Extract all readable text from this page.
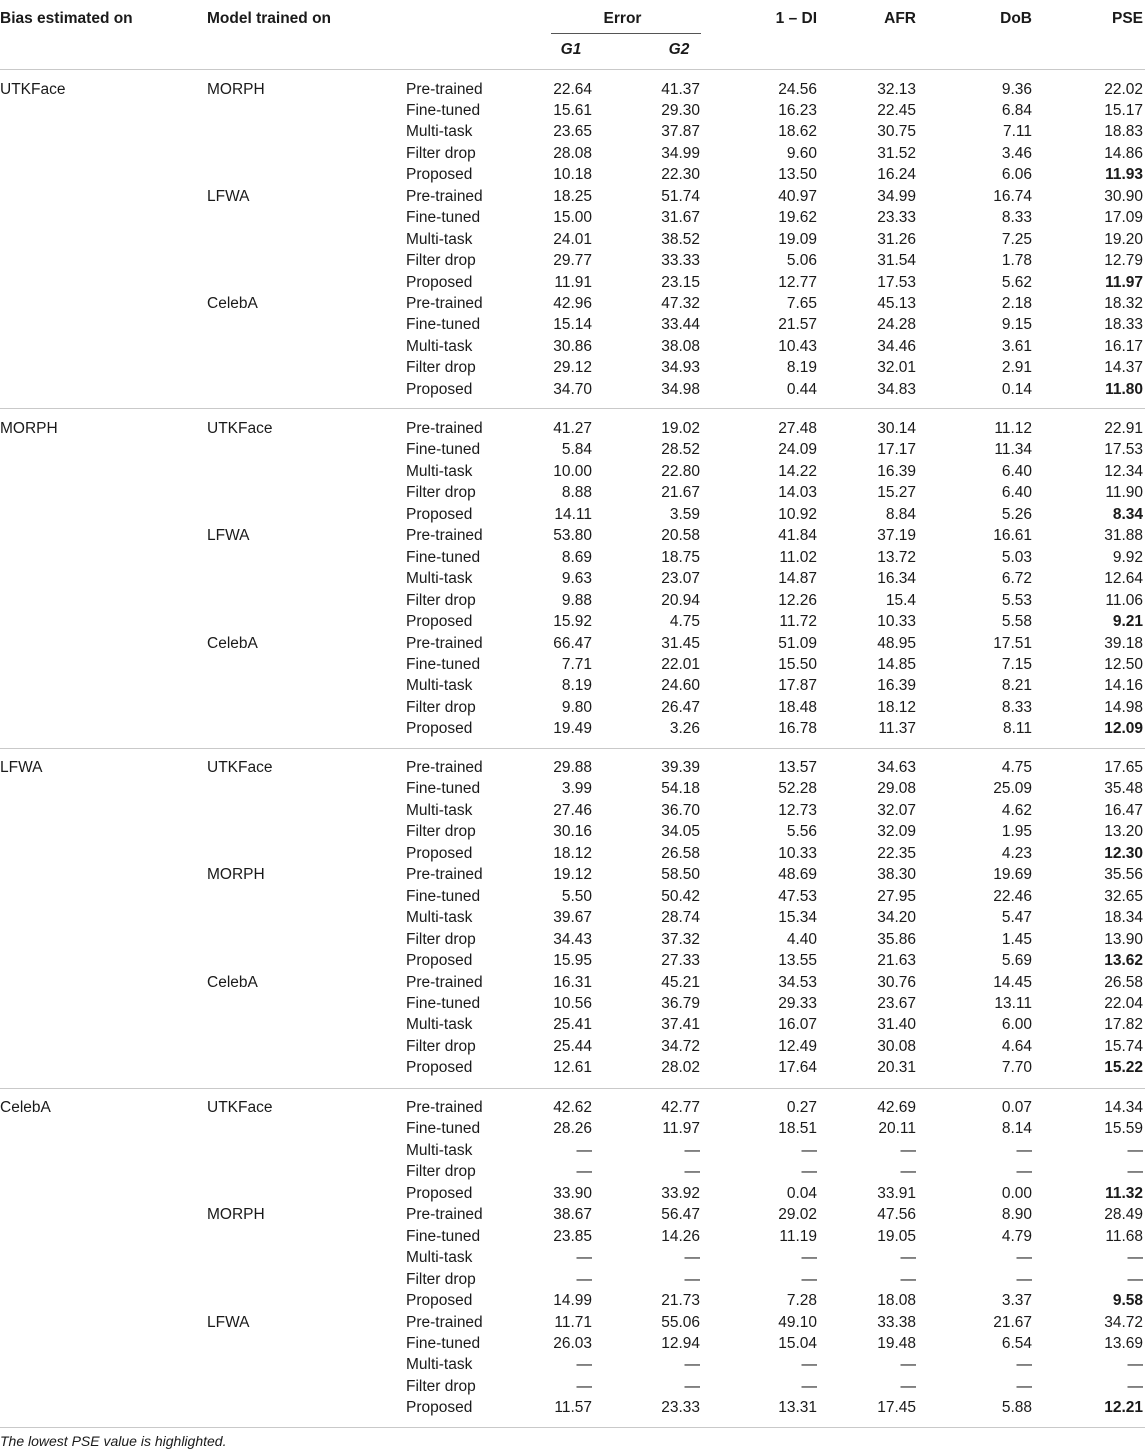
Bias estimated on	Model trained on	Error
G1	G2
1 – DI	AFR	DoB	PSE
UTKFace	MORPH	Pre-trained	22.64	41.37	24.56	32.13	9.36	22.02
Fine-tuned	15.61	29.30	16.23	22.45	6.84	15.17
Multi-task	23.65	37.87	18.62	30.75	7.11	18.83
Filter drop	28.08	34.99	9.60	31.52	3.46	14.86
Proposed	10.18	22.30	13.50	16.24	6.06	11.93
LFWA	Pre-trained	18.25	51.74	40.97	34.99	16.74	30.90
Fine-tuned	15.00	31.67	19.62	23.33	8.33	17.09
Multi-task	24.01	38.52	19.09	31.26	7.25	19.20
Filter drop	29.77	33.33	5.06	31.54	1.78	12.79
Proposed	11.91	23.15	12.77	17.53	5.62	11.97
CelebA	Pre-trained	42.96	47.32	7.65	45.13	2.18	18.32
Fine-tuned	15.14	33.44	21.57	24.28	9.15	18.33
Multi-task	30.86	38.08	10.43	34.46	3.61	16.17
Filter drop	29.12	34.93	8.19	32.01	2.91	14.37
Proposed	34.70	34.98	0.44	34.83	0.14	11.80
MORPH	UTKFace	Pre-trained	41.27	19.02	27.48	30.14	11.12	22.91
Fine-tuned	5.84	28.52	24.09	17.17	11.34	17.53
Multi-task	10.00	22.80	14.22	16.39	6.40	12.34
Filter drop	8.88	21.67	14.03	15.27	6.40	11.90
Proposed	14.11	3.59	10.92	8.84	5.26	8.34
LFWA	Pre-trained	53.80	20.58	41.84	37.19	16.61	31.88
Fine-tuned	8.69	18.75	11.02	13.72	5.03	9.92
Multi-task	9.63	23.07	14.87	16.34	6.72	12.64
Filter drop	9.88	20.94	12.26	15.4	5.53	11.06
Proposed	15.92	4.75	11.72	10.33	5.58	9.21
CelebA	Pre-trained	66.47	31.45	51.09	48.95	17.51	39.18
Fine-tuned	7.71	22.01	15.50	14.85	7.15	12.50
Multi-task	8.19	24.60	17.87	16.39	8.21	14.16
Filter drop	9.80	26.47	18.48	18.12	8.33	14.98
Proposed	19.49	3.26	16.78	11.37	8.11	12.09
LFWA	UTKFace	Pre-trained	29.88	39.39	13.57	34.63	4.75	17.65
Fine-tuned	3.99	54.18	52.28	29.08	25.09	35.48
Multi-task	27.46	36.70	12.73	32.07	4.62	16.47
Filter drop	30.16	34.05	5.56	32.09	1.95	13.20
Proposed	18.12	26.58	10.33	22.35	4.23	12.30
MORPH	Pre-trained	19.12	58.50	48.69	38.30	19.69	35.56
Fine-tuned	5.50	50.42	47.53	27.95	22.46	32.65
Multi-task	39.67	28.74	15.34	34.20	5.47	18.34
Filter drop	34.43	37.32	4.40	35.86	1.45	13.90
Proposed	15.95	27.33	13.55	21.63	5.69	13.62
CelebA	Pre-trained	16.31	45.21	34.53	30.76	14.45	26.58
Fine-tuned	10.56	36.79	29.33	23.67	13.11	22.04
Multi-task	25.41	37.41	16.07	31.40	6.00	17.82
Filter drop	25.44	34.72	12.49	30.08	4.64	15.74
Proposed	12.61	28.02	17.64	20.31	7.70	15.22
CelebA	UTKFace	Pre-trained	42.62	42.77	0.27	42.69	0.07	14.34
Fine-tuned	28.26	11.97	18.51	20.11	8.14	15.59
Multi-task	—	—	—	—	—	—
Filter drop	—	—	—	—	—	—
Proposed	33.90	33.92	0.04	33.91	0.00	11.32
MORPH	Pre-trained	38.67	56.47	29.02	47.56	8.90	28.49
Fine-tuned	23.85	14.26	11.19	19.05	4.79	11.68
Multi-task	—	—	—	—	—	—
Filter drop	—	—	—	—	—	—
Proposed	14.99	21.73	7.28	18.08	3.37	9.58
LFWA	Pre-trained	11.71	55.06	49.10	33.38	21.67	34.72
Fine-tuned	26.03	12.94	15.04	19.48	6.54	13.69
Multi-task	—	—	—	—	—	—
Filter drop	—	—	—	—	—	—
Proposed	11.57	23.33	13.31	17.45	5.88	12.21
The lowest PSE value is highlighted.
